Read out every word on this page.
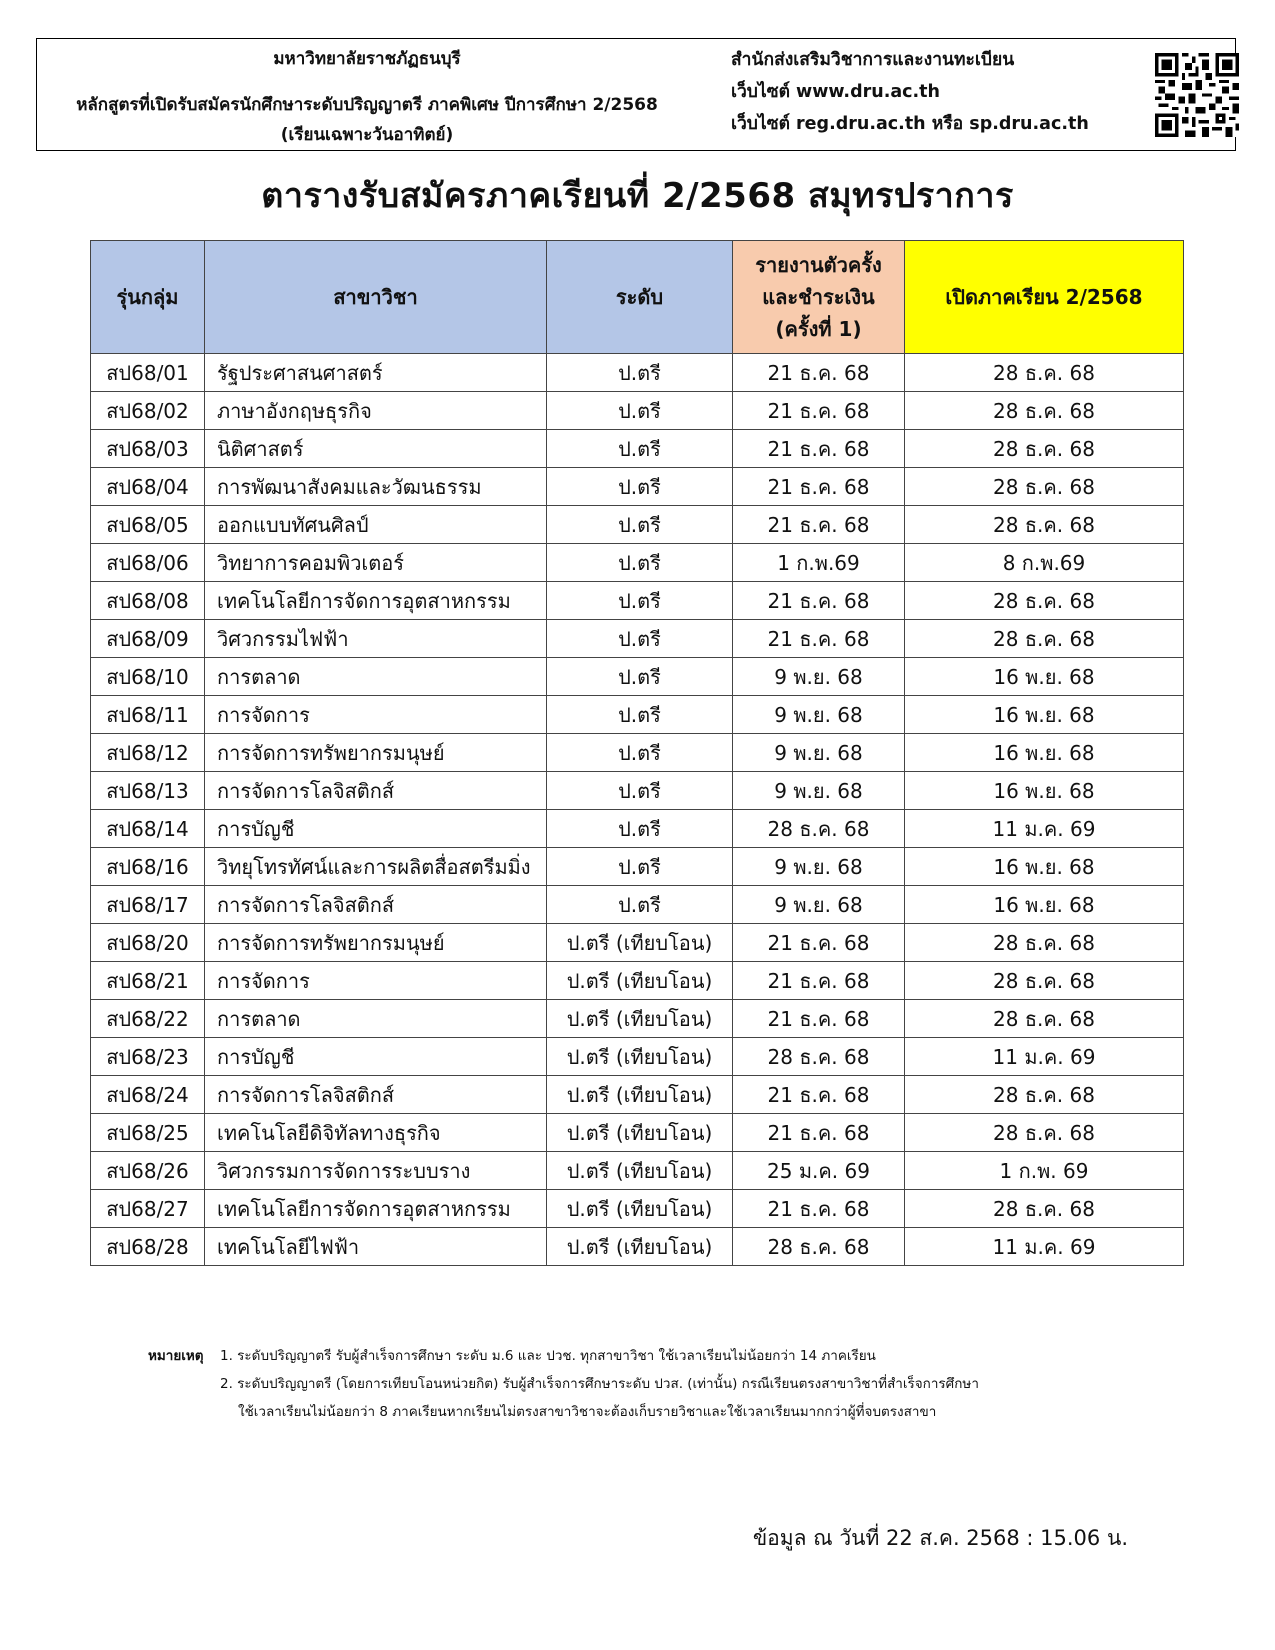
มหาวิทยาลัยราชภัฏธนบุรี
หลักสูตรที่เปิดรับสมัครนักศึกษาระดับปริญญาตรี ภาคพิเศษ ปีการศึกษา 2/2568
(เรียนเฉพาะวันอาทิตย์)
สำนักส่งเสริมวิชาการและงานทะเบียน
เว็บไซต์ www.dru.ac.th
เว็บไซต์ reg.dru.ac.th หรือ sp.dru.ac.th
ตารางรับสมัครภาคเรียนที่ 2/2568 สมุทรปราการ
รุ่นกลุ่ม	สาขาวิชา	ระดับ	รายงานตัวครั้ง
และชำระเงิน
(ครั้งที่ 1)	เปิดภาคเรียน 2/2568
สป68/01	รัฐประศาสนศาสตร์	ป.ตรี	21 ธ.ค. 68	28 ธ.ค. 68
สป68/02	ภาษาอังกฤษธุรกิจ	ป.ตรี	21 ธ.ค. 68	28 ธ.ค. 68
สป68/03	นิติศาสตร์	ป.ตรี	21 ธ.ค. 68	28 ธ.ค. 68
สป68/04	การพัฒนาสังคมและวัฒนธรรม	ป.ตรี	21 ธ.ค. 68	28 ธ.ค. 68
สป68/05	ออกแบบทัศนศิลป์	ป.ตรี	21 ธ.ค. 68	28 ธ.ค. 68
สป68/06	วิทยาการคอมพิวเตอร์	ป.ตรี	1 ก.พ.69	8 ก.พ.69
สป68/08	เทคโนโลยีการจัดการอุตสาหกรรม	ป.ตรี	21 ธ.ค. 68	28 ธ.ค. 68
สป68/09	วิศวกรรมไฟฟ้า	ป.ตรี	21 ธ.ค. 68	28 ธ.ค. 68
สป68/10	การตลาด	ป.ตรี	9 พ.ย. 68	16 พ.ย. 68
สป68/11	การจัดการ	ป.ตรี	9 พ.ย. 68	16 พ.ย. 68
สป68/12	การจัดการทรัพยากรมนุษย์	ป.ตรี	9 พ.ย. 68	16 พ.ย. 68
สป68/13	การจัดการโลจิสติกส์	ป.ตรี	9 พ.ย. 68	16 พ.ย. 68
สป68/14	การบัญชี	ป.ตรี	28 ธ.ค. 68	11 ม.ค. 69
สป68/16	วิทยุโทรทัศน์และการผลิตสื่อสตรีมมิ่ง	ป.ตรี	9 พ.ย. 68	16 พ.ย. 68
สป68/17	การจัดการโลจิสติกส์	ป.ตรี	9 พ.ย. 68	16 พ.ย. 68
สป68/20	การจัดการทรัพยากรมนุษย์	ป.ตรี (เทียบโอน)	21 ธ.ค. 68	28 ธ.ค. 68
สป68/21	การจัดการ	ป.ตรี (เทียบโอน)	21 ธ.ค. 68	28 ธ.ค. 68
สป68/22	การตลาด	ป.ตรี (เทียบโอน)	21 ธ.ค. 68	28 ธ.ค. 68
สป68/23	การบัญชี	ป.ตรี (เทียบโอน)	28 ธ.ค. 68	11 ม.ค. 69
สป68/24	การจัดการโลจิสติกส์	ป.ตรี (เทียบโอน)	21 ธ.ค. 68	28 ธ.ค. 68
สป68/25	เทคโนโลยีดิจิทัลทางธุรกิจ	ป.ตรี (เทียบโอน)	21 ธ.ค. 68	28 ธ.ค. 68
สป68/26	วิศวกรรมการจัดการระบบราง	ป.ตรี (เทียบโอน)	25 ม.ค. 69	1 ก.พ. 69
สป68/27	เทคโนโลยีการจัดการอุตสาหกรรม	ป.ตรี (เทียบโอน)	21 ธ.ค. 68	28 ธ.ค. 68
สป68/28	เทคโนโลยีไฟฟ้า	ป.ตรี (เทียบโอน)	28 ธ.ค. 68	11 ม.ค. 69
หมายเหตุ 1. ระดับปริญญาตรี รับผู้สำเร็จการศึกษา ระดับ ม.6 และ ปวช. ทุกสาขาวิชา ใช้เวลาเรียนไม่น้อยกว่า 14 ภาคเรียน
2. ระดับปริญญาตรี (โดยการเทียบโอนหน่วยกิต) รับผู้สำเร็จการศึกษาระดับ ปวส. (เท่านั้น) กรณีเรียนตรงสาขาวิชาที่สำเร็จการศึกษา
ใช้เวลาเรียนไม่น้อยกว่า 8 ภาคเรียนหากเรียนไม่ตรงสาขาวิชาจะต้องเก็บรายวิชาและใช้เวลาเรียนมากกว่าผู้ที่จบตรงสาขา
ข้อมูล ณ วันที่ 22 ส.ค. 2568 : 15.06 น.
